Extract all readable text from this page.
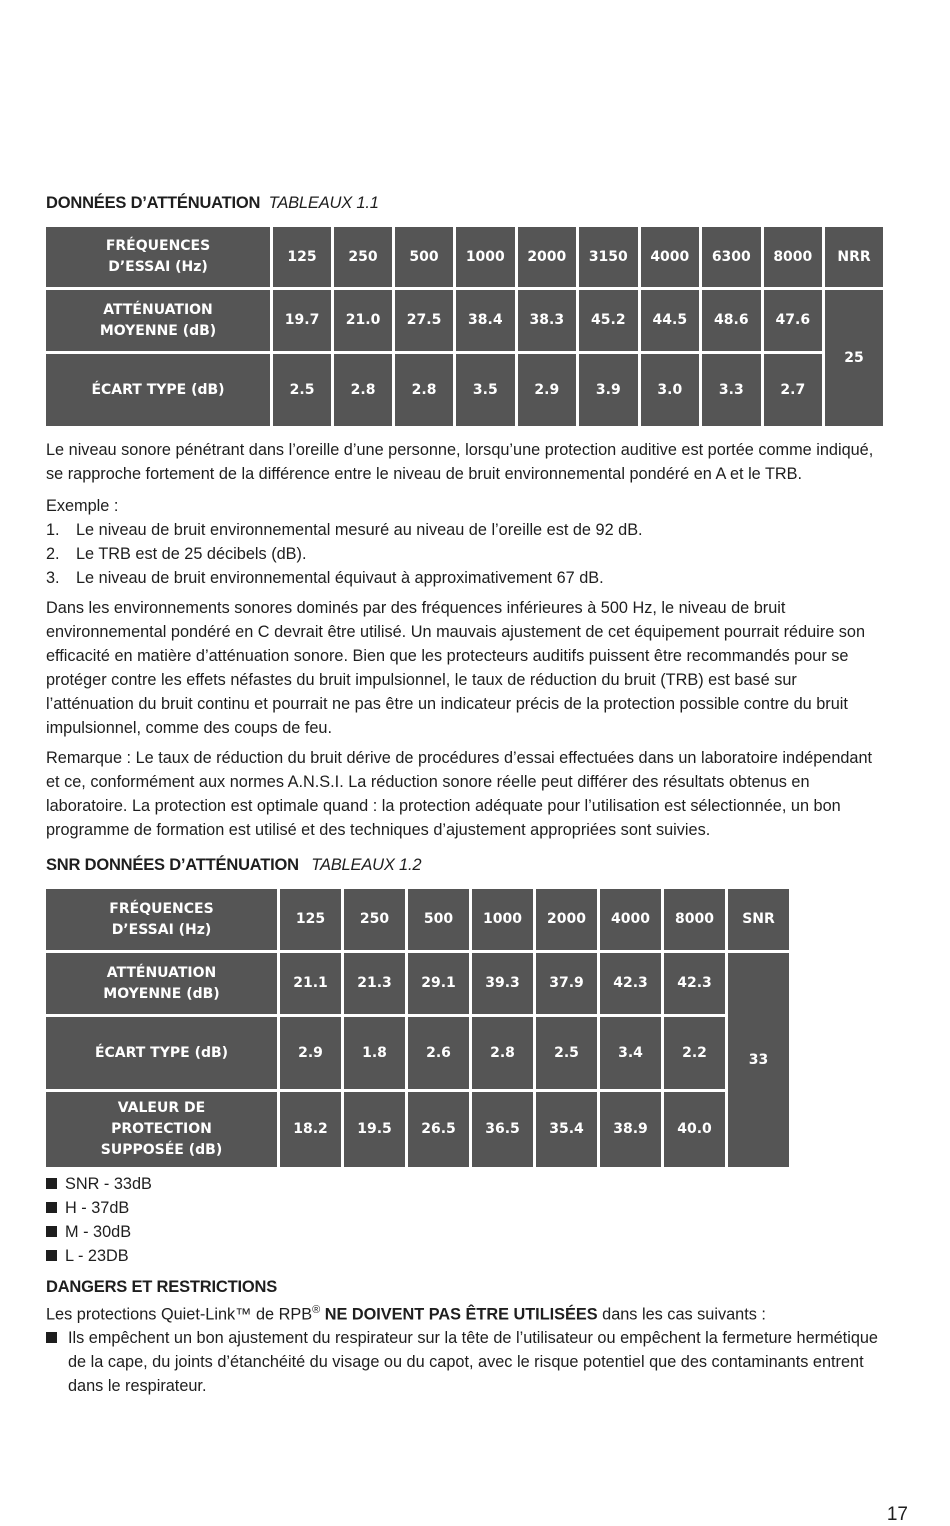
DONNÉES D’ATTÉNUATION TABLEAUX 1.1
FRÉQUENCES D’ESSAI (Hz)	125	250	500	1000	2000	3150	4000	6300	8000	NRR
ATTÉNUATION MOYENNE (dB)	19.7	21.0	27.5	38.4	38.3	45.2	44.5	48.6	47.6	25
ÉCART TYPE (dB)	2.5	2.8	2.8	3.5	2.9	3.9	3.0	3.3	2.7	

Le niveau sonore pénétrant dans l’oreille d’une personne, lorsqu’une protection auditive est portée comme indiqué, se rapproche fortement de la différence entre le niveau de bruit environnemental pondéré en A et le TRB.

Exemple :

1.	Le niveau de bruit environnemental mesuré au niveau de l’oreille est de 92 dB.
2.	Le TRB est de 25 décibels (dB).
3.	Le niveau de bruit environnemental équivaut à approximativement 67 dB.

Dans les environnements sonores dominés par des fréquences inférieures à 500 Hz, le niveau de bruit environnemental pondéré en C devrait être utilisé. Un mauvais ajustement de cet équipement pourrait réduire son efficacité en matière d’atténuation sonore. Bien que les protecteurs auditifs puissent être recommandés pour se protéger contre les effets néfastes du bruit impulsionnel, le taux de réduction du bruit (TRB) est basé sur l’atténuation du bruit continu et pourrait ne pas être un indicateur précis de la protection possible contre du bruit impulsionnel, comme des coups de feu.

Remarque : Le taux de réduction du bruit dérive de procédures d’essai effectuées dans un laboratoire indépendant et ce, conformément aux normes A.N.S.I. La réduction sonore réelle peut différer des résultats obtenus en laboratoire. La protection est optimale quand : la protection adéquate pour l’utilisation est sélectionnée, un bon programme de formation est utilisé et des techniques d’ajustement appropriées sont suivies.

SNR DONNÉES D’ATTÉNUATION TABLEAUX 1.2
FRÉQUENCES D’ESSAI (Hz)	125	250	500	1000	2000	4000	8000	SNR
ATTÉNUATION MOYENNE (dB)	21.1	21.3	29.1	39.3	37.9	42.3	42.3	33
ÉCART TYPE (dB)	2.9	1.8	2.6	2.8	2.5	3.4	2.2	
VALEUR DE PROTECTION SUPPOSÉE (dB)	18.2	19.5	26.5	36.5	35.4	38.9	40.0	
SNR - 33dB
H - 37dB
M - 30dB
L - 23DB
DANGERS ET RESTRICTIONS

Les protections Quiet-Link™ de RPB® NE DOIVENT PAS ÊTRE UTILISÉES dans les cas suivants :

Ils empêchent un bon ajustement du respirateur sur la tête de l’utilisateur ou empêchent la fermeture hermétique de la cape, du joints d’étanchéité du visage ou du capot, avec le risque potentiel que des contaminants entrent dans le respirateur.
17
